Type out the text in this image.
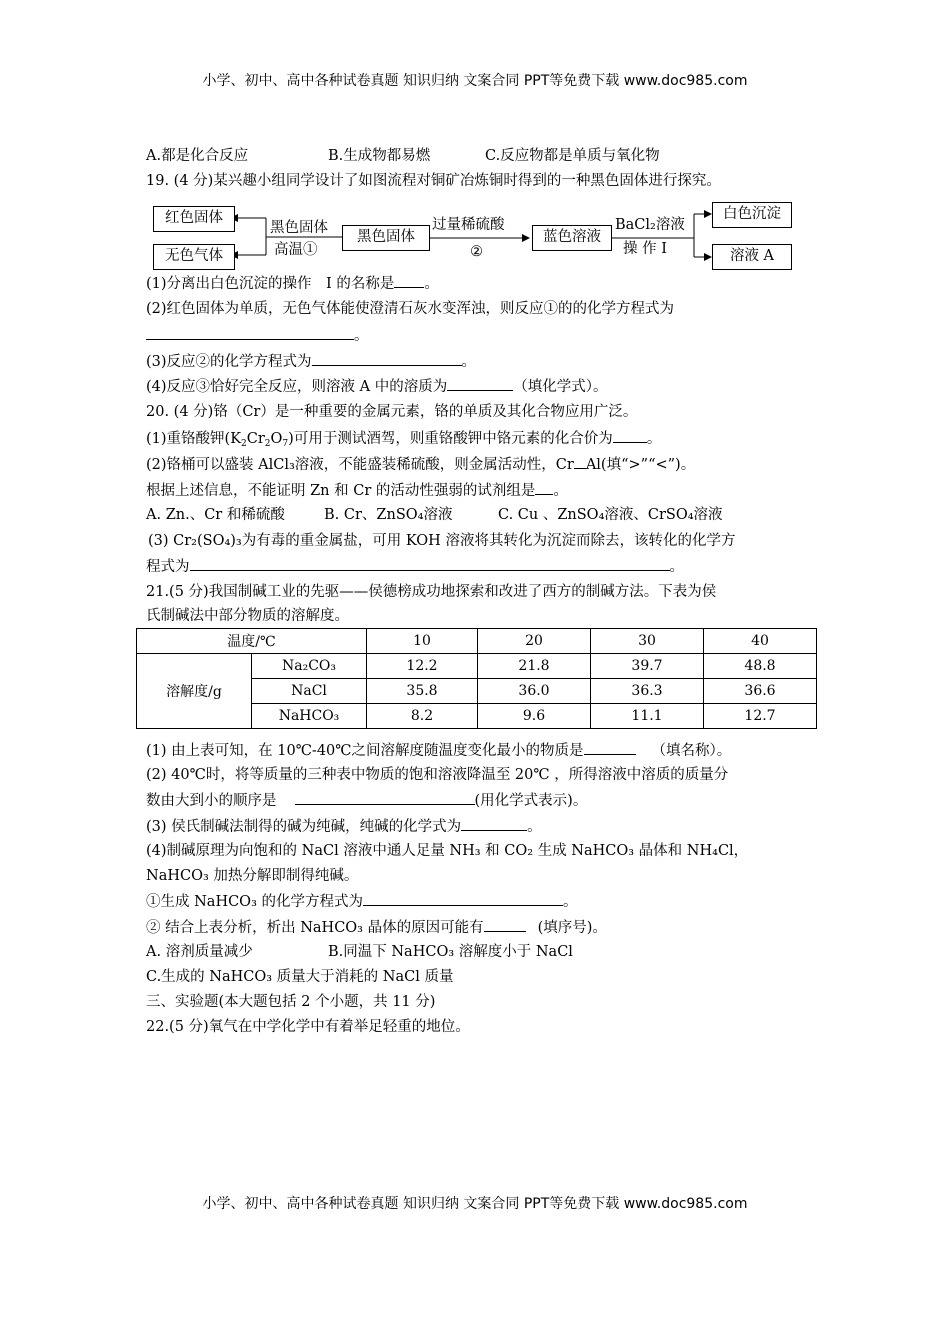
小学、初中、高中各种试卷真题 知识归纳 文案合同 PPT等免费下载 www.doc985.com
A.都是化合反应	B.生成物都易燃	C.反应物都是单质与氧化物
19. (4 分)某兴趣小组同学设计了如图流程对铜矿冶炼铜时得到的一种黑色固体进行探究。
红色固体
无色气体
黑色固体
高温①
黑色固体
过量稀硫酸
②
蓝色溶液
BaCl₂溶液
操 作 I
白色沉淀
溶液 A
(1)分离出白色沉淀的操作　I 的名称是 。
(2)红色固体为单质，无色气体能使澄清石灰水变浑浊，则反应①的的化学方程式为
。
(3)反应②的化学方程式为	。
(4)反应③恰好完全反应，则溶液 A 中的溶质为	（填化学式）。
20. (4 分)铬（Cr）是一种重要的金属元素，铬的单质及其化合物应用广泛。
(1)重铬酸钾$(K_2Cr_2O_7)$可用于测试酒驾，则重铬酸钾中铬元素的化合价为 。
(2)铬桶可以盛装 AlCl₃溶液，不能盛装稀硫酸，则金属活动性，Cr Al(填“>”“<”)。
根据上述信息，不能证明 Zn 和 Cr 的活动性强弱的试剂组是 。
A. Zn.、Cr 和稀硫酸	B. Cr、ZnSO₄溶液	C. Cu 、ZnSO₄溶液、CrSO₄溶液
(3) Cr₂(SO₄)₃为有毒的重金属盐，可用 KOH 溶液将其转化为沉淀而除去，该转化的化学方
程式为	。
21.(5 分)我国制碱工业的先驱——侯德榜成功地探索和改进了西方的制碱方法。下表为侯
氏制碱法中部分物质的溶解度。
温度/℃		10	20	30	40
溶解度/g	Na₂CO₃	12.2	21.8	39.7	48.8
	NaCl	35.8	36.0	36.3	36.6
	NaHCO₃	8.2	9.6	11.1	12.7
(1) 由上表可知，在 10℃-40℃之间溶解度随温度变化最小的物质是	（填名称）。
(2) 40℃时，将等质量的三种表中物质的饱和溶液降温至 20℃ ，所得溶液中溶质的质量分
数由大到小的顺序是	(用化学式表示)。
(3) 侯氏制碱法制得的碱为纯碱，纯碱的化学式为	。
(4)制碱原理为向饱和的 NaCl 溶液中通人足量 NH₃ 和 CO₂ 生成 NaHCO₃ 晶体和 NH₄Cl，
NaHCO₃ 加热分解即制得纯碱。
①生成 NaHCO₃ 的化学方程式为	。
② 结合上表分析，析出 NaHCO₃ 晶体的原因可能有	(填序号)。
A. 溶剂质量减少	B.同温下 NaHCO₃ 溶解度小于 NaCl
C.生成的 NaHCO₃ 质量大于消耗的 NaCl 质量
三、实验题(本大题包括 2 个小题，共 11 分)
22.(5 分)氧气在中学化学中有着举足轻重的地位。
小学、初中、高中各种试卷真题 知识归纳 文案合同 PPT等免费下载 www.doc985.com
